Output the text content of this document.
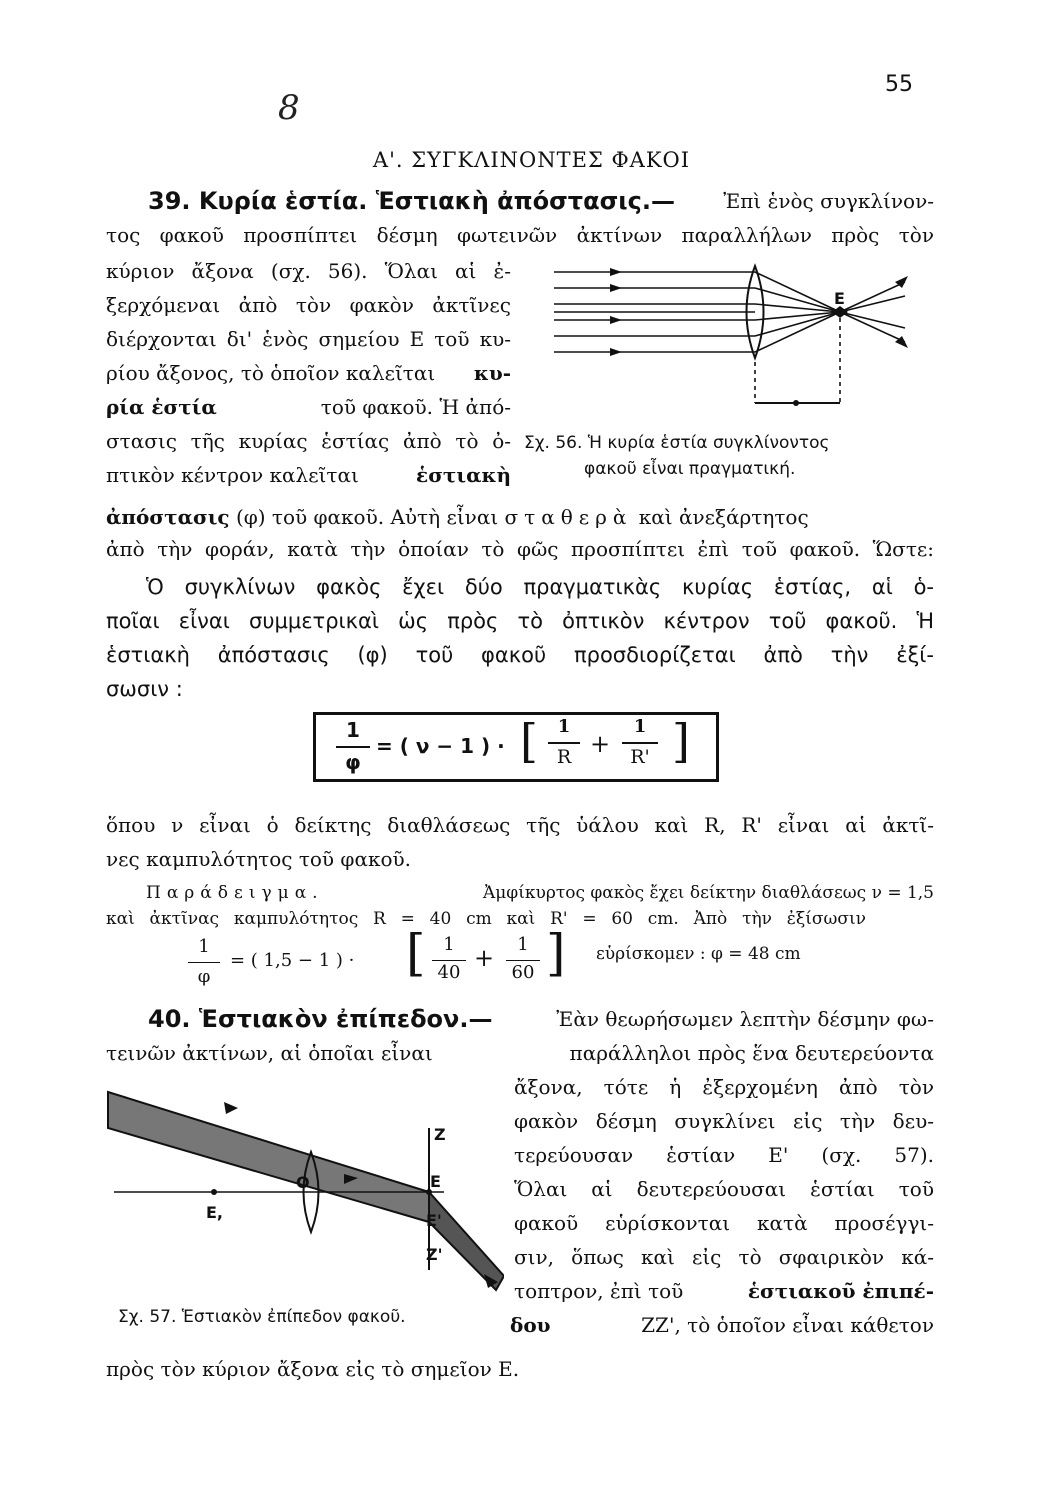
55
8
Α'. ΣΥΓΚΛΙΝΟΝΤΕΣ ΦΑΚΟΙ
39. Κυρία ἑστία. Ἑστιακὴ ἀπόστασις.— Ἐπὶ ἑνὸς συγκλίνον-
τος φακοῦ προσπίπτει δέσμη φωτεινῶν ἀκτίνων παραλλήλων πρὸς τὸν
κύριον ἄξονα (σχ. 56). Ὅλαι αἱ ἐ-
ξερχόμεναι ἀπὸ τὸν φακὸν ἀκτῖνες
διέρχονται δι' ἑνὸς σημείου Ε τοῦ κυ-
ρίου ἄξονος, τὸ ὁποῖον καλεῖται κυ-
ρία ἑστία	τοῦ φακοῦ. Ἡ ἀπό-
στασις τῆς κυρίας ἑστίας ἀπὸ τὸ ὀ-
πτικὸν κέντρον καλεῖται	ἑστιακὴ
E
Σχ. 56. Ἡ κυρία ἑστία συγκλίνοντος
φακοῦ εἶναι πραγματική.
ἀπόστασις (φ) τοῦ φακοῦ. Αὐτὴ εἶναι σταθερὰ καὶ ἀνεξάρτητος
ἀπὸ τὴν φοράν, κατὰ τὴν ὁποίαν τὸ φῶς προσπίπτει ἐπὶ τοῦ φακοῦ. Ὥστε:
Ὁ συγκλίνων φακὸς ἔχει δύο πραγματικὰς κυρίας ἑστίας, αἱ ὁ-
ποῖαι εἶναι συμμετρικαὶ ὡς πρὸς τὸ ὀπτικὸν κέντρον τοῦ φακοῦ. Ἡ
ἑστιακὴ ἀπόστασις (φ) τοῦ φακοῦ προσδιορίζεται ἀπὸ τὴν ἐξί-
σωσιν :
1
φ
= ( ν − 1 ) · [	1
R +
1
R' ]
ὅπου ν εἶναι ὁ δείκτης διαθλάσεως τῆς ὑάλου καὶ R, R' εἶναι αἱ ἀκτῖ-
νες καμπυλότητος τοῦ φακοῦ.
Παράδειγμα.	Ἀμφίκυρτος φακὸς ἔχει δείκτην διαθλάσεως ν = 1,5
καὶ ἀκτῖνας καμπυλότητος R = 40 cm καὶ R' = 60 cm. Ἀπὸ τὴν ἐξίσωσιν
1
φ
= ( 1,5 − 1 ) · [ 1
40
+	1
60 ] εὑρίσκομεν : φ = 48 cm
40. Ἑστιακὸν ἐπίπεδον.—	Ἐὰν θεωρήσωμεν λεπτὴν δέσμην φω-
τεινῶν ἀκτίνων, αἱ ὁποῖαι εἶναι	παράλληλοι πρὸς ἕνα δευτερεύοντα
ἄξονα, τότε ἡ ἐξερχομένη ἀπὸ τὸν
φακὸν δέσμη συγκλίνει εἰς τὴν δευ-
τερεύουσαν ἑστίαν Ε' (σχ. 57).
Ὅλαι αἱ δευτερεύουσαι ἑστίαι τοῦ
φακοῦ εὑρίσκονται κατὰ προσέγγι-
σιν, ὅπως καὶ εἰς τὸ σφαιρικὸν κά-
τοπτρον, ἐπὶ τοῦ	ἑστιακοῦ ἐπιπέ-
δου	ZZ', τὸ ὁποῖον εἶναι κάθετον
Z
E
E'
Z'
E,
O
Σχ. 57. Ἑστιακὸν ἐπίπεδον φακοῦ.
πρὸς τὸν κύριον ἄξονα εἰς τὸ σημεῖον Ε.
